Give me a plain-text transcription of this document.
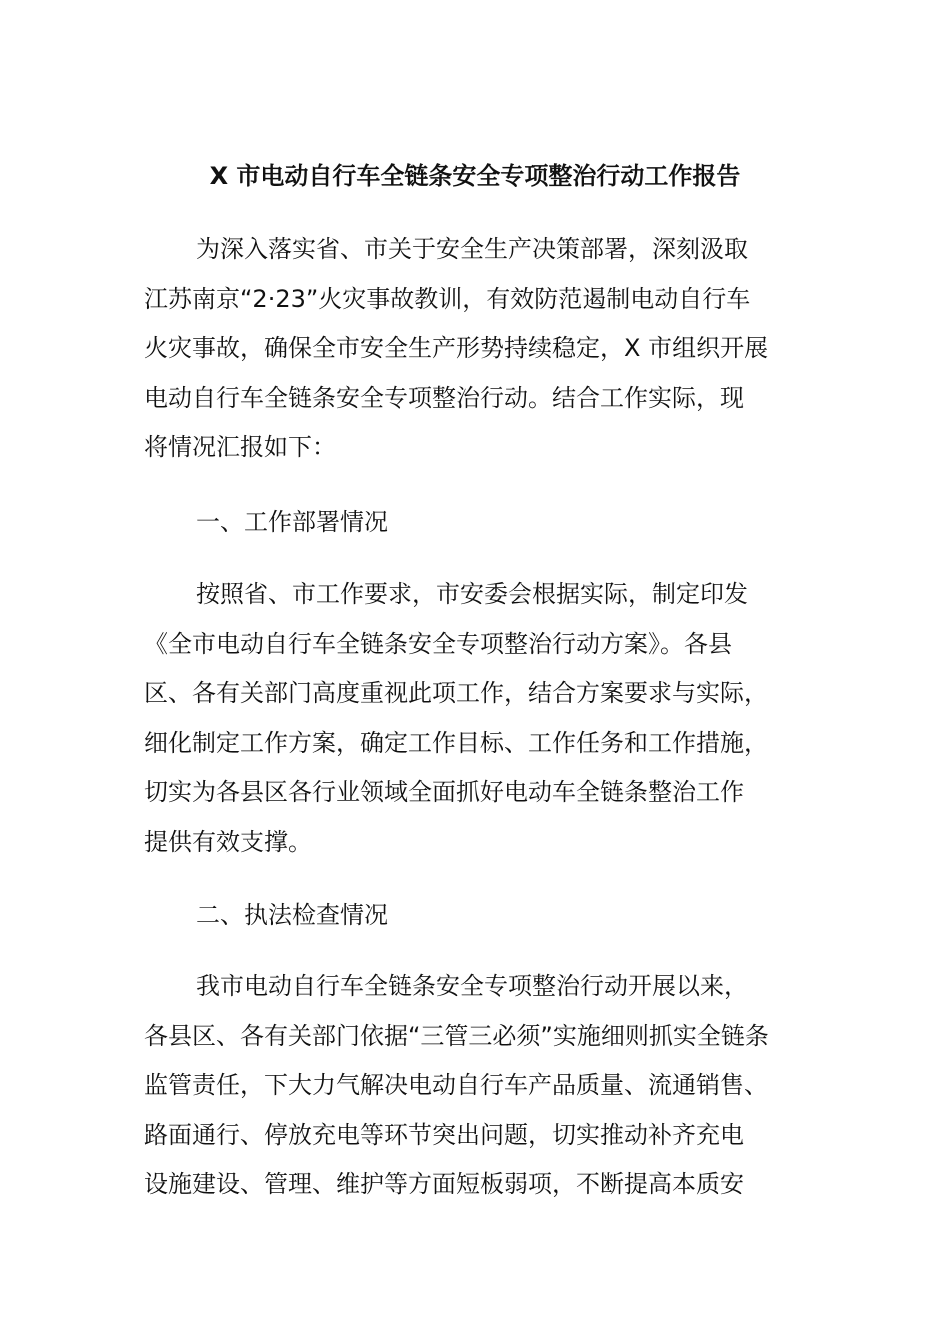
X 市电动自行车全链条安全专项整治行动工作报告
为深入落实省、市关于安全生产决策部署，深刻汲取
江苏南京“2·23”火灾事故教训，有效防范遏制电动自行车
火灾事故，确保全市安全生产形势持续稳定，X 市组织开展
电动自行车全链条安全专项整治行动。结合工作实际，现
将情况汇报如下：
一、工作部署情况
按照省、市工作要求，市安委会根据实际，制定印发
《全市电动自行车全链条安全专项整治行动方案》。各县
区、各有关部门高度重视此项工作，结合方案要求与实际，
细化制定工作方案，确定工作目标、工作任务和工作措施，
切实为各县区各行业领域全面抓好电动车全链条整治工作
提供有效支撑。
二、执法检查情况
我市电动自行车全链条安全专项整治行动开展以来，
各县区、各有关部门依据“三管三必须”实施细则抓实全链条
监管责任，下大力气解决电动自行车产品质量、流通销售、
路面通行、停放充电等环节突出问题，切实推动补齐充电
设施建设、管理、维护等方面短板弱项，不断提高本质安
